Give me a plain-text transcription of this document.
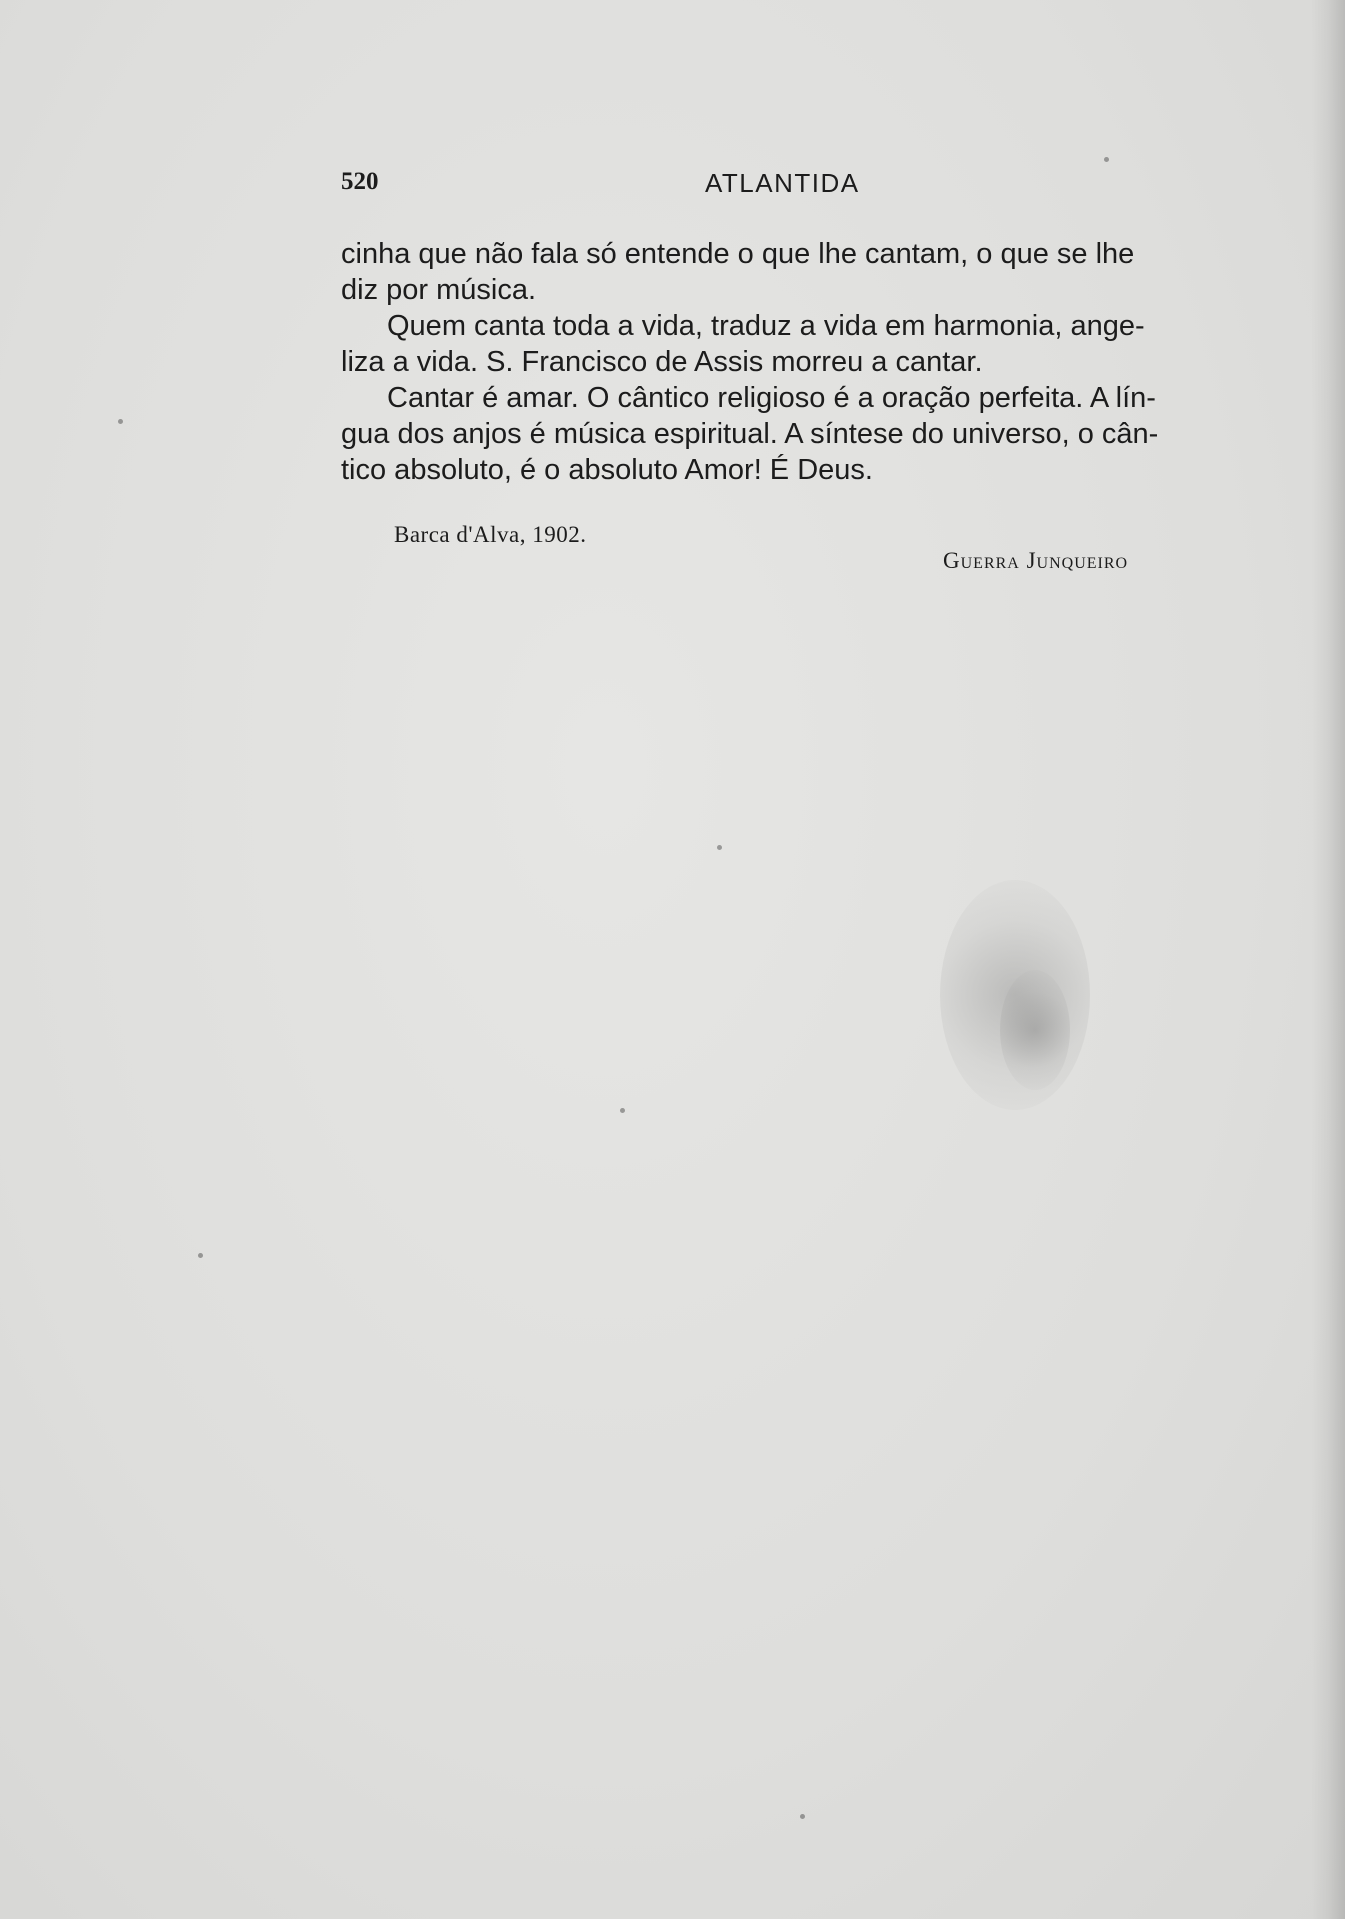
520	ATLANTIDA
cinha que não fala só entende o que lhe cantam, o que se lhe
diz por música.
Quem canta toda a vida, traduz a vida em harmonia, ange-
liza a vida. S. Francisco de Assis morreu a cantar.
Cantar é amar. O cântico religioso é a oração perfeita. A lín-
gua dos anjos é música espiritual. A síntese do universo, o cân-
tico absoluto, é o absoluto Amor! É Deus.
Barca d'Alva, 1902.
Guerra Junqueiro
